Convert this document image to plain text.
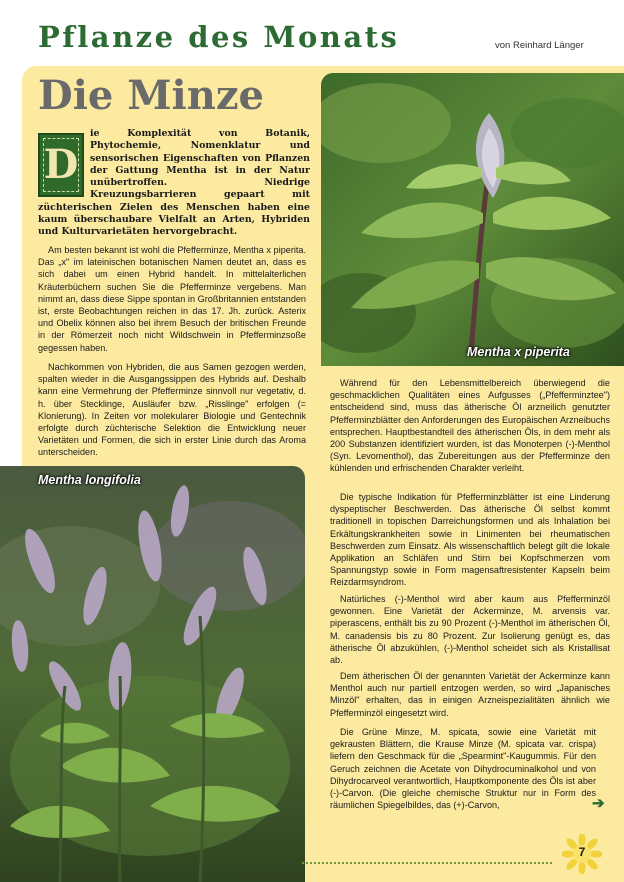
Pflanze des Monats	von Reinhard Länger
Die Minze

ie Komplexität von Botanik, Phytochemie, Nomenklatur und sensorischen Eigenschaften von Pflanzen der Gattung Mentha ist in der Natur unübertroffen. Niedrige Kreuzungsbarrieren gepaart mit züchterischen Zielen des Menschen haben eine kaum überschaubare Vielfalt an Arten, Hybriden und Kulturvarietäten hervorgebracht.

D

Am besten bekannt ist wohl die Pfefferminze, Mentha x piperita. Das „x" im lateinischen botanischen Namen deutet an, dass es sich dabei um einen Hybrid handelt. In mittelalterlichen Kräuterbüchern suchen Sie die Pfefferminze vergebens. Man nimmt an, dass diese Sippe spontan in Großbritannien entstanden ist, erste Beobachtungen reichen in das 17. Jh. zurück. Asterix und Obelix können also bei ihrem Besuch der britischen Freunde in der Römerzeit noch nicht Wildschwein in Pfefferminzsoße gegessen haben.

Nachkommen von Hybriden, die aus Samen gezogen werden, spalten wieder in die Ausgangssippen des Hybrids auf. Deshalb kann eine Vermehrung der Pfefferminze sinnvoll nur vegetativ, d. h. über Stecklinge, Ausläufer bzw. „Risslinge" erfolgen (= Klonierung). In Zeiten vor molekularer Biologie und Gentechnik erfolgte durch züchterische Selektion die Entwicklung neuer Varietäten und Formen, die sich in erster Linie durch das Aroma unterscheiden.

Mentha x piperita
Mentha longifolia

Während für den Lebensmittelbereich überwiegend die geschmacklichen Qualitäten eines Aufgusses („Pfefferminztee") entscheidend sind, muss das ätherische Öl arzneilich genutzter Pfefferminzblätter den Anforderungen des Europäischen Arzneibuchs entsprechen. Hauptbestandteil des ätherischen Öls, in dem mehr als 200 Substanzen identifiziert wurden, ist das Monoterpen (-)-Menthol (Syn. Levomenthol), das Zubereitungen aus der Pfefferminze den kühlenden und erfrischenden Charakter verleiht.

Die typische Indikation für Pfefferminzblätter ist eine Linderung dyspeptischer Beschwerden. Das ätherische Öl selbst kommt traditionell in topischen Darreichungsformen und als Inhalation bei Erkältungskrankheiten sowie in Linimenten bei rheumatischen Beschwerden zum Einsatz. Als wissenschaftlich belegt gilt die lokale Applikation an Schläfen und Stirn bei Kopfschmerzen vom Spannungstyp sowie in Form magensaftresistenter Kapseln beim Reizdarmsyndrom.

Natürliches (-)-Menthol wird aber kaum aus Pfefferminzöl gewonnen. Eine Varietät der Ackerminze, M. arvensis var. piperascens, enthält bis zu 90 Prozent (-)-Menthol im ätherischen Öl, M. canadensis bis zu 80 Prozent. Zur Isolierung genügt es, das ätherische Öl abzukühlen, (-)-Menthol scheidet sich als Kristallisat ab.

Dem ätherischen Öl der genannten Varietät der Ackerminze kann Menthol auch nur partiell entzogen werden, so wird „Japanisches Minzöl" erhalten, das in einigen Arzneispezialitäten ähnlich wie Pfefferminzöl eingesetzt wird.

Die Grüne Minze, M. spicata, sowie eine Varietät mit gekrausten Blättern, die Krause Minze (M. spicata var. crispa) liefern den Geschmack für die „Spearmint"-Kaugummis. Für den Geruch zeichnen die Acetate von Dihydrocuminalkohol und von Dihydrocarveol verantwortlich, Hauptkomponente des Öls ist aber (-)-Carvon. (Die gleiche chemische Struktur nur in Form des räumlichen Spiegelbildes, das (+)-Carvon,	➔
7
